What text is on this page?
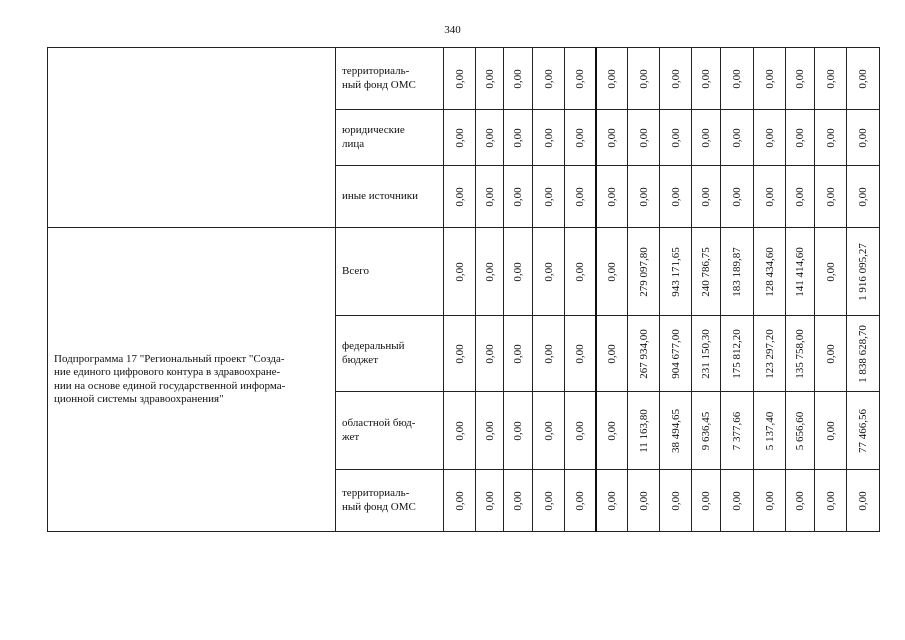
340
	территориаль-
ный фонд ОМС	0,00	0,00	0,00	0,00	0,00	0,00	0,00	0,00	0,00	0,00	0,00	0,00	0,00	0,00

	юридические
лица	0,00	0,00	0,00	0,00	0,00	0,00	0,00	0,00	0,00	0,00	0,00	0,00	0,00	0,00

	иные источники	0,00	0,00	0,00	0,00	0,00	0,00	0,00	0,00	0,00	0,00	0,00	0,00	0,00	0,00

Подпрограмма 17 "Региональный проект "Созда-
ние единого цифрового контура в здравоохране-
нии на основе единой государственной информа-
ционной системы здравоохранения"	Всего	0,00	0,00	0,00	0,00	0,00	0,00	279 097,80	943 171,65	240 786,75	183 189,87	128 434,60	141 414,60	0,00	1 916 095,27

	федеральный
бюджет	0,00	0,00	0,00	0,00	0,00	0,00	267 934,00	904 677,00	231 150,30	175 812,20	123 297,20	135 758,00	0,00	1 838 628,70

	областной бюд-
жет	0,00	0,00	0,00	0,00	0,00	0,00	11 163,80	38 494,65	9 636,45	7 377,66	5 137,40	5 656,60	0,00	77 466,56

	территориаль-
ный фонд ОМС	0,00	0,00	0,00	0,00	0,00	0,00	0,00	0,00	0,00	0,00	0,00	0,00	0,00	0,00
